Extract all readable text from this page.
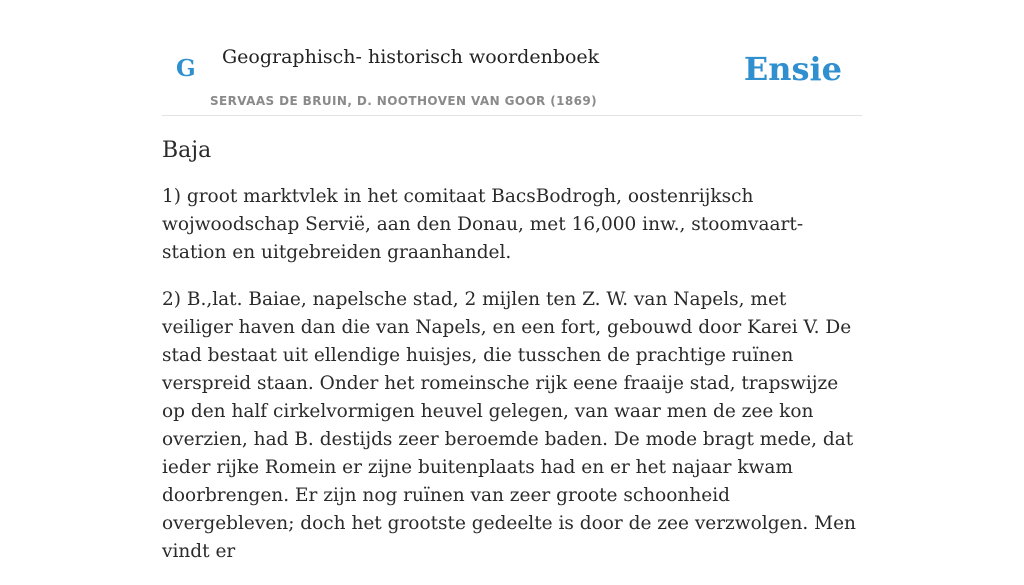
G Geographisch- historisch woordenboek
SERVAAS DE BRUIN, D. NOOTHOVEN VAN GOOR (1869)
Ensie
Baja

1) groot marktvlek in het comitaat BacsBodrogh, oostenrijksch wojwoodschap Servië, aan den Donau, met 16,000 inw., stoomvaart-station en uitgebreiden graanhandel.

2) B.,lat. Baiae, napelsche stad, 2 mijlen ten Z. W. van Napels, met veiliger haven dan die van Napels, en een fort, gebouwd door Karei V. De stad bestaat uit ellendige huisjes, die tusschen de prachtige ruïnen verspreid staan. Onder het romeinsche rijk eene fraaije stad, trapswijze op den half cirkelvormigen heuvel gelegen, van waar men de zee kon overzien, had B. destijds zeer beroemde baden. De mode bragt mede, dat ieder rijke Romein er zijne buitenplaats had en er het najaar kwam doorbrengen. Er zijn nog ruïnen van zeer groote schoonheid overgebleven; doch het grootste gedeelte is door de zee verzwolgen. Men vindt er
